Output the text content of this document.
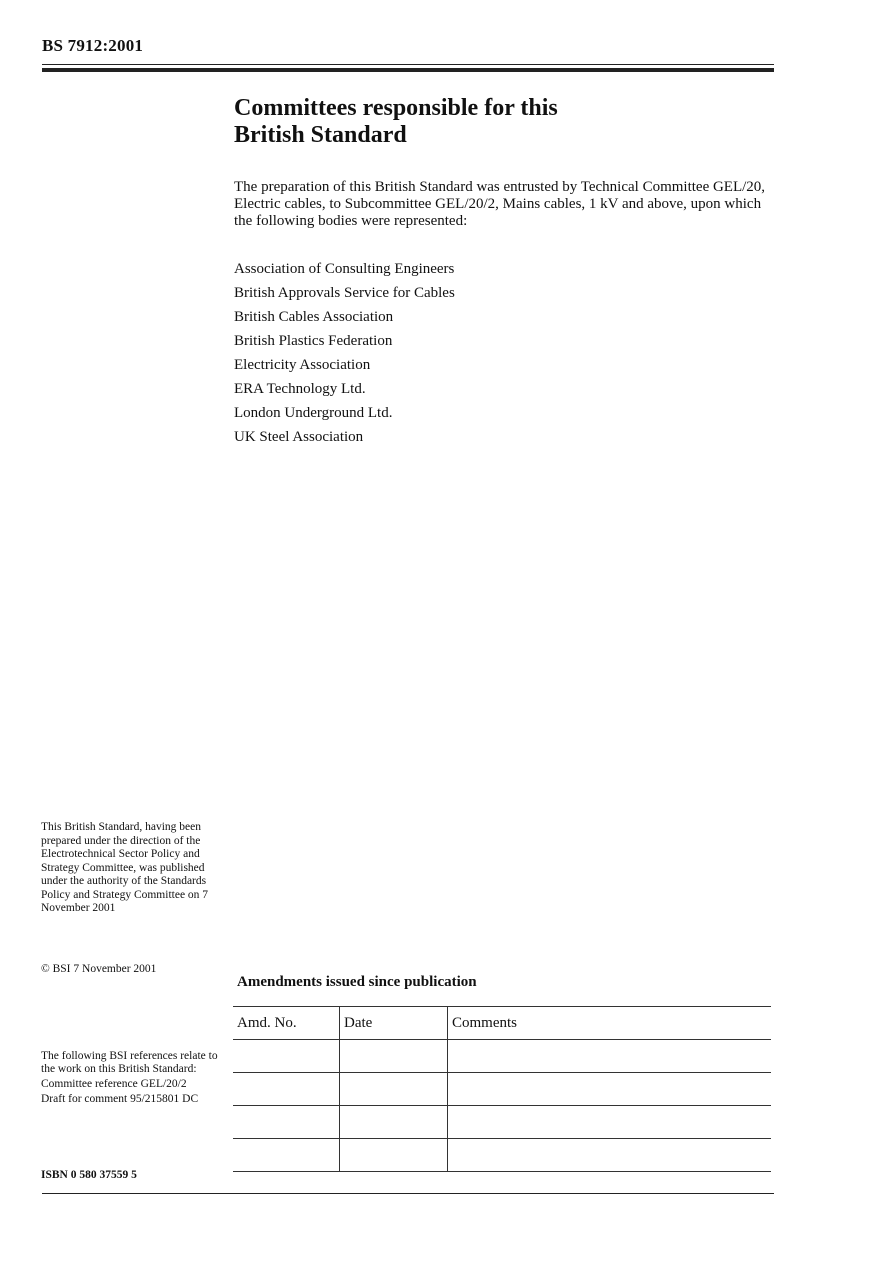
BS 7912:2001
Committees responsible for this
British Standard

The preparation of this British Standard was entrusted by Technical Committee GEL/20, Electric cables, to Subcommittee GEL/20/2, Mains cables, 1 kV and above, upon which the following bodies were represented:

Association of Consulting Engineers
British Approvals Service for Cables
British Cables Association
British Plastics Federation
Electricity Association
ERA Technology Ltd.
London Underground Ltd.
UK Steel Association

This British Standard, having been prepared under the direction of the Electrotechnical Sector Policy and Strategy Committee, was published under the authority of the Standards Policy and Strategy Committee on 7 November 2001

© BSI 7 November 2001

The following BSI references relate to the work on this British Standard:

Committee reference GEL/20/2

Draft for comment 95/215801 DC

ISBN 0 580 37559 5
Amendments issued since publication
Amd. No.	Date	Comments
